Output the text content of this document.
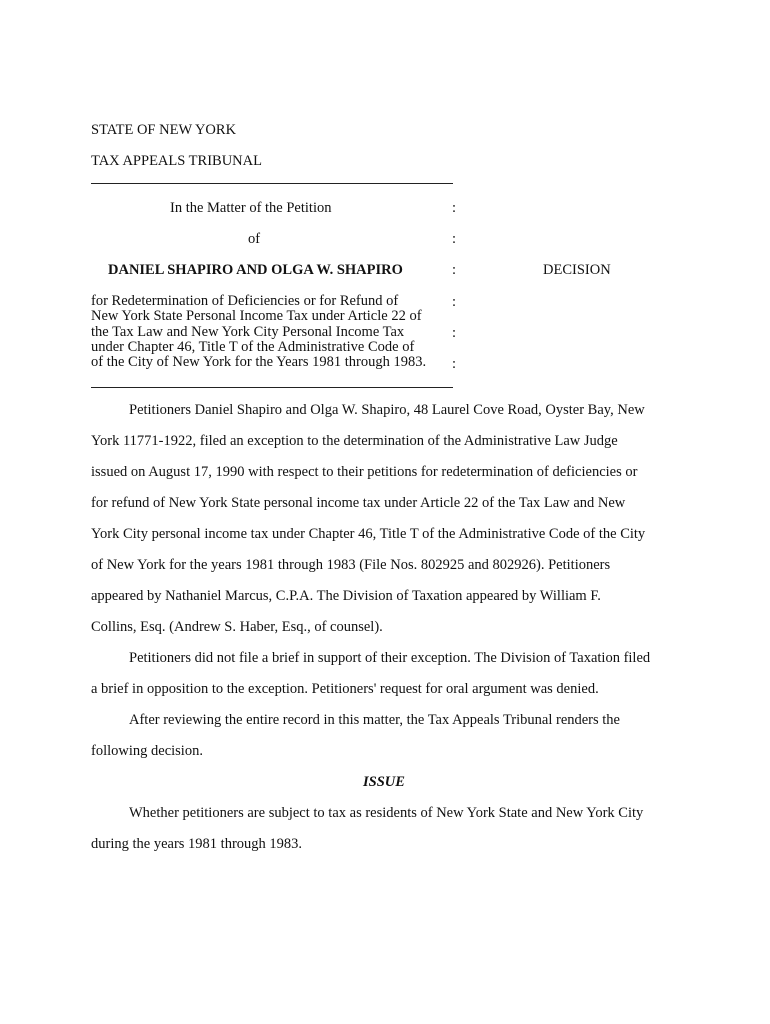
STATE OF NEW YORK
TAX APPEALS TRIBUNAL
In the Matter of the Petition	:
of	:
DANIEL SHAPIRO AND OLGA W. SHAPIRO	:	DECISION
for Redetermination of Deficiencies or for Refund of
New York State Personal Income Tax under Article 22 of
the Tax Law and New York City Personal Income Tax
under Chapter 46, Title T of the Administrative Code of
of the City of New York for the Years 1981 through 1983.
:
:
:
Petitioners Daniel Shapiro and Olga W. Shapiro, 48 Laurel Cove Road, Oyster Bay, New
York 11771-1922, filed an exception to the determination of the Administrative Law Judge
issued on August 17, 1990 with respect to their petitions for redetermination of deficiencies or
for refund of New York State personal income tax under Article 22 of the Tax Law and New
York City personal income tax under Chapter 46, Title T of the Administrative Code of the City
of New York for the years 1981 through 1983 (File Nos. 802925 and 802926). Petitioners
appeared by Nathaniel Marcus, C.P.A. The Division of Taxation appeared by William F.
Collins, Esq. (Andrew S. Haber, Esq., of counsel).
Petitioners did not file a brief in support of their exception. The Division of Taxation filed
a brief in opposition to the exception. Petitioners' request for oral argument was denied.
After reviewing the entire record in this matter, the Tax Appeals Tribunal renders the
following decision.
ISSUE
Whether petitioners are subject to tax as residents of New York State and New York City
during the years 1981 through 1983.
